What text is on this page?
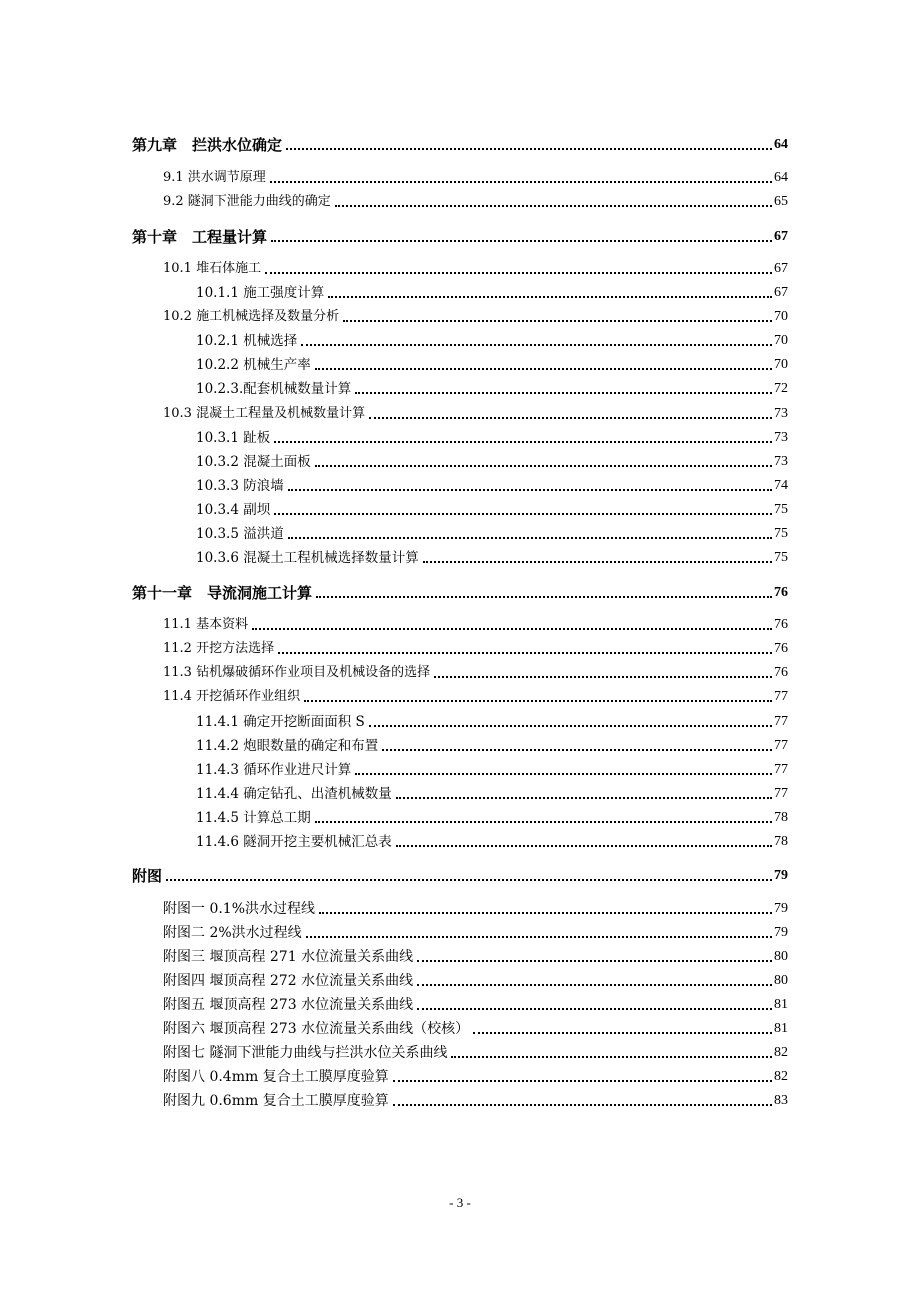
第九章　拦洪水位确定	64
9.1 洪水调节原理	64
9.2 隧洞下泄能力曲线的确定	65
第十章　工程量计算	67
10.1 堆石体施工	67
10.1.1 施工强度计算	67
10.2 施工机械选择及数量分析	70
10.2.1 机械选择	70
10.2.2 机械生产率	70
10.2.3.配套机械数量计算	72
10.3 混凝土工程量及机械数量计算	73
10.3.1 趾板	73
10.3.2 混凝土面板	73
10.3.3 防浪墙	74
10.3.4 副坝	75
10.3.5 溢洪道	75
10.3.6 混凝土工程机械选择数量计算	75
第十一章　导流洞施工计算	76
11.1 基本资料	76
11.2 开挖方法选择	76
11.3 钻机爆破循环作业项目及机械设备的选择	76
11.4 开挖循环作业组织	77
11.4.1 确定开挖断面面积 S	77
11.4.2 炮眼数量的确定和布置	77
11.4.3 循环作业进尺计算	77
11.4.4 确定钻孔、出渣机械数量	77
11.4.5 计算总工期	78
11.4.6 隧洞开挖主要机械汇总表	78
附图	79
附图一 0.1%洪水过程线	79
附图二 2%洪水过程线	79
附图三 堰顶高程 271 水位流量关系曲线	80
附图四 堰顶高程 272 水位流量关系曲线	80
附图五 堰顶高程 273 水位流量关系曲线	81
附图六 堰顶高程 273 水位流量关系曲线（校核）	81
附图七 隧洞下泄能力曲线与拦洪水位关系曲线	82
附图八 0.4mm 复合土工膜厚度验算	82
附图九 0.6mm 复合土工膜厚度验算	83
- 3 -
